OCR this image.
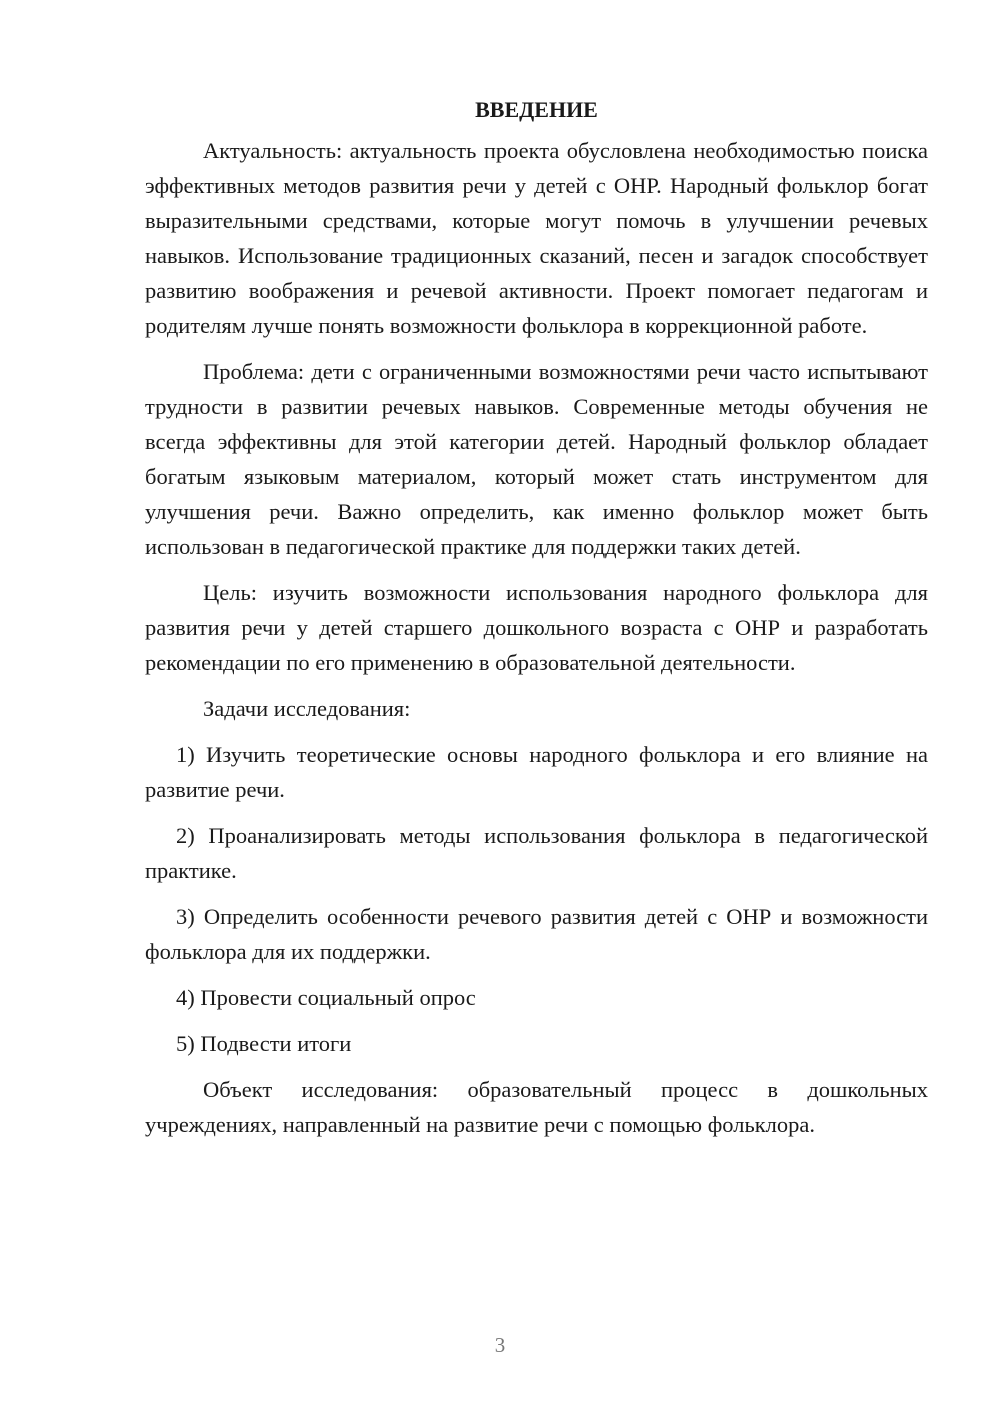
ВВЕДЕНИЕ

Актуальность: актуальность проекта обусловлена необходимостью поиска эффективных методов развития речи у детей с ОНР. Народный фольклор богат выразительными средствами, которые могут помочь в улучшении речевых навыков. Использование традиционных сказаний, песен и загадок способствует развитию воображения и речевой активности. Проект помогает педагогам и родителям лучше понять возможности фольклора в коррекционной работе.

Проблема: дети с ограниченными возможностями речи часто испытывают трудности в развитии речевых навыков. Современные методы обучения не всегда эффективны для этой категории детей. Народный фольклор обладает богатым языковым материалом, который может стать инструментом для улучшения речи. Важно определить, как именно фольклор может быть использован в педагогической практике для поддержки таких детей.

Цель: изучить возможности использования народного фольклора для развития речи у детей старшего дошкольного возраста с ОНР и разработать рекомендации по его применению в образовательной деятельности.

Задачи исследования:

1) Изучить теоретические основы народного фольклора и его влияние на развитие речи.

2) Проанализировать методы использования фольклора в педагогической практике.

3) Определить особенности речевого развития детей с ОНР и возможности фольклора для их поддержки.

4) Провести социальный опрос

5) Подвести итоги

Объект исследования: образовательный процесс в дошкольных учреждениях, направленный на развитие речи с помощью фольклора.

3
